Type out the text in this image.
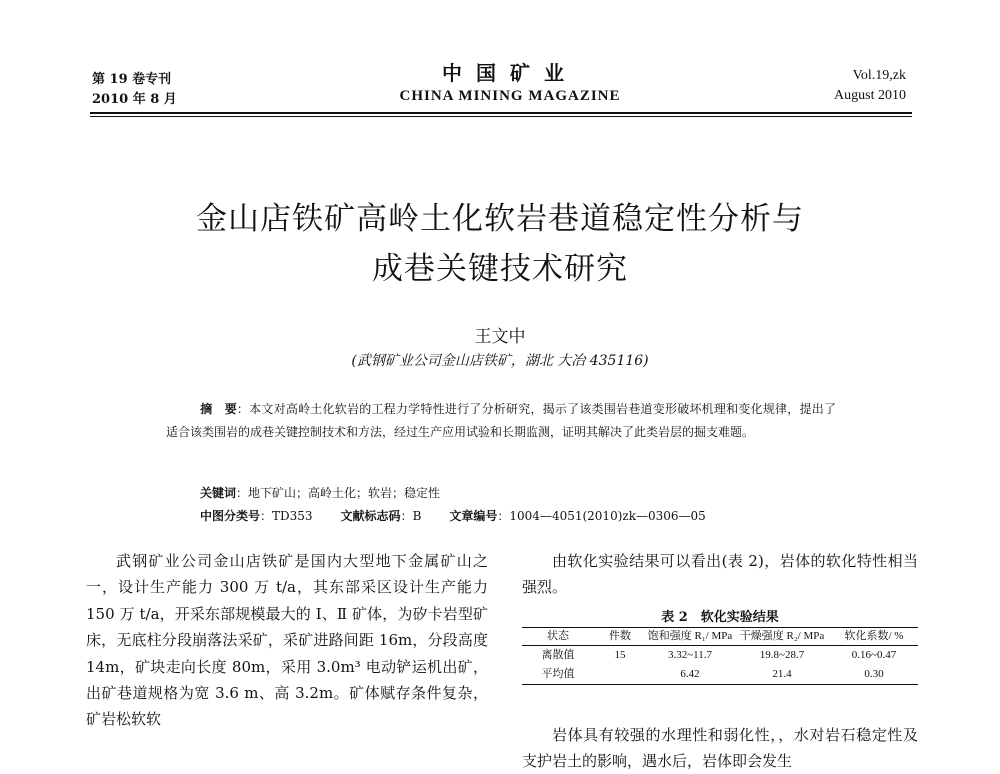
第 19 卷专刊
2010 年 8 月
中国矿业
CHINA MINING MAGAZINE
Vol.19,zk
August 2010
金山店铁矿高岭土化软岩巷道稳定性分析与
成巷关键技术研究
王文中
(武钢矿业公司金山店铁矿，湖北 大冶 435116)
摘　要：本文对高岭土化软岩的工程力学特性进行了分析研究，揭示了该类围岩巷道变形破坏机理和变化规律，提出了适合该类围岩的成巷关键控制技术和方法，经过生产应用试验和长期监测，证明其解决了此类岩层的掘支难题。
关键词：地下矿山；高岭土化；软岩；稳定性
中图分类号：TD353 文献标志码：B 文章编号：1004—4051(2010)zk—0306—05

武钢矿业公司金山店铁矿是国内大型地下金属矿山之一，设计生产能力 300 万 t/a，其东部采区设计生产能力 150 万 t/a，开采东部规模最大的 Ⅰ、Ⅱ 矿体，为矽卡岩型矿床，无底柱分段崩落法采矿，采矿进路间距 16m，分段高度 14m，矿块走向长度 80m，采用 3.0m³ 电动铲运机出矿，出矿巷道规格为宽 3.6 m、高 3.2m。矿体赋存条件复杂，矿岩松软软

由软化实验结果可以看出(表 2)，岩体的软化特性相当强烈。

岩体具有较强的水理性和弱化性，，水对岩石稳定性及支护岩土的影响，遇水后，岩体即会发生

表 2　软化实验结果
状态	件数	饱和强度 R₁/ MPa	干燥强度 R₂/ MPa	软化系数/ %
离散值	15	3.32~11.7	19.8~28.7	0.16~0.47
平均值		6.42	21.4	0.30
